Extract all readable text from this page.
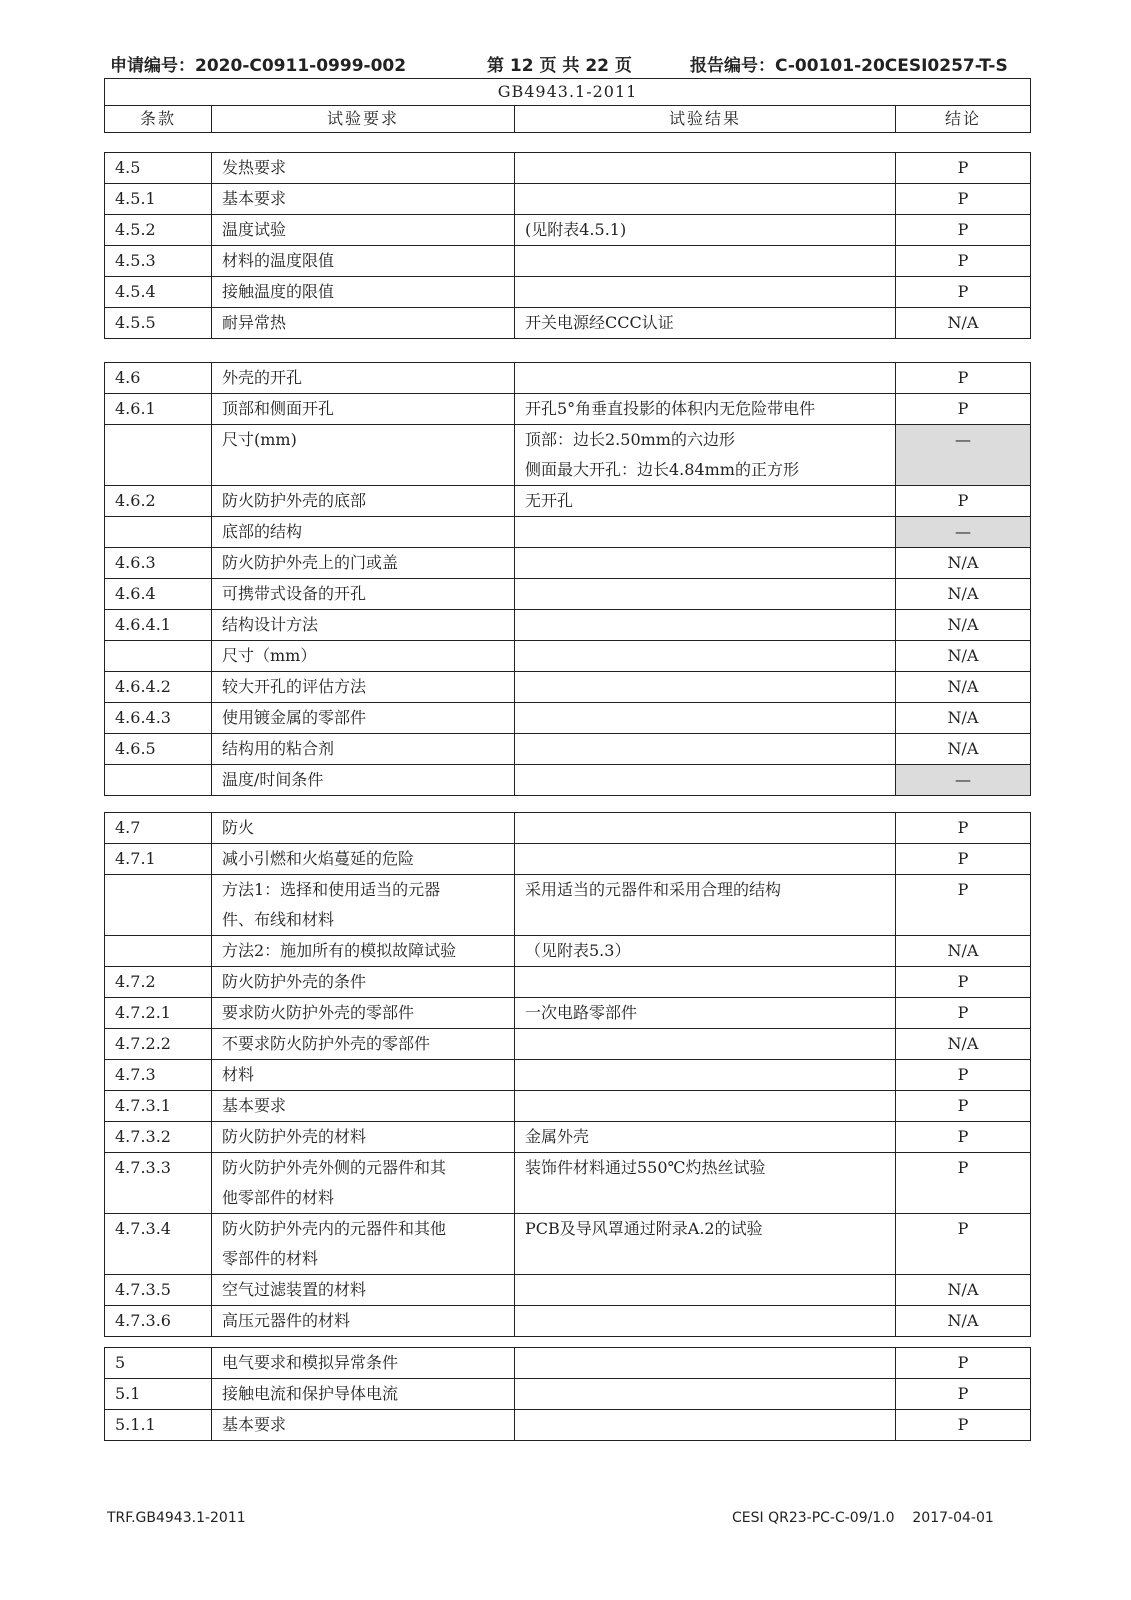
申请编号：2020-C0911-0999-002	第 12 页 共 22 页	报告编号：C-00101-20CESI0257-T-S
GB4943.1-2011
条款	试验要求	试验结果	结论
4.5	发热要求		P
4.5.1	基本要求		P
4.5.2	温度试验	(见附表4.5.1)	P
4.5.3	材料的温度限值		P
4.5.4	接触温度的限值		P
4.5.5	耐异常热	开关电源经CCC认证	N/A
4.6	外壳的开孔		P
4.6.1	顶部和侧面开孔	开孔5°角垂直投影的体积内无危险带电件	P
	尺寸(mm)	顶部：边长2.50mm的六边形
侧面最大开孔：边长4.84mm的正方形	—
4.6.2	防火防护外壳的底部	无开孔	P
	底部的结构		—
4.6.3	防火防护外壳上的门或盖		N/A
4.6.4	可携带式设备的开孔		N/A
4.6.4.1	结构设计方法		N/A
	尺寸（mm）		N/A
4.6.4.2	较大开孔的评估方法		N/A
4.6.4.3	使用镀金属的零部件		N/A
4.6.5	结构用的粘合剂		N/A
	温度/时间条件		—
4.7	防火		P
4.7.1	减小引燃和火焰蔓延的危险		P
	方法1：选择和使用适当的元器
件、布线和材料	采用适当的元器件和采用合理的结构	P
	方法2：施加所有的模拟故障试验	（见附表5.3）	N/A
4.7.2	防火防护外壳的条件		P
4.7.2.1	要求防火防护外壳的零部件	一次电路零部件	P
4.7.2.2	不要求防火防护外壳的零部件		N/A
4.7.3	材料		P
4.7.3.1	基本要求		P
4.7.3.2	防火防护外壳的材料	金属外壳	P
4.7.3.3	防火防护外壳外侧的元器件和其
他零部件的材料	装饰件材料通过550℃灼热丝试验	P
4.7.3.4	防火防护外壳内的元器件和其他
零部件的材料	PCB及导风罩通过附录A.2的试验	P
4.7.3.5	空气过滤装置的材料		N/A
4.7.3.6	高压元器件的材料		N/A
5	电气要求和模拟异常条件		P
5.1	接触电流和保护导体电流		P
5.1.1	基本要求		P
TRF.GB4943.1-2011	CESI QR23-PC-C-09/1.0    2017-04-01
